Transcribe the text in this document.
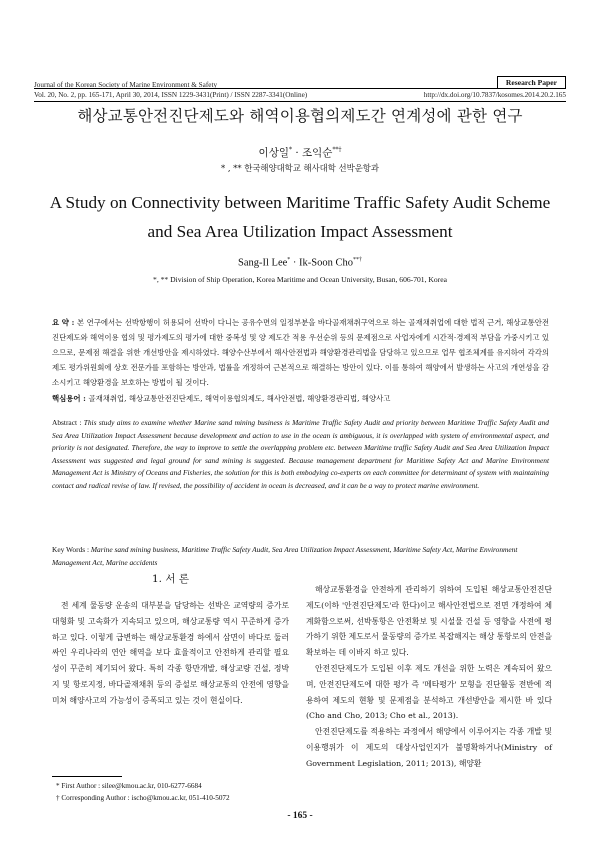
Journal of the Korean Society of Marine Environment & Safety	Research Paper
Vol. 20, No. 2, pp. 165-171, April 30, 2014, ISSN 1229-3431(Print) / ISSN 2287-3341(Online)	http://dx.doi.org/10.7837/kosomes.2014.20.2.165
해상교통안전진단제도와 해역이용협의제도간 연계성에 관한 연구
이상일* · 조익순**†
* , ** 한국해양대학교 해사대학 선박운항과
A Study on Connectivity between Maritime Traffic Safety Audit Scheme and Sea Area Utilization Impact Assessment
Sang-Il Lee* · Ik-Soon Cho**†
*, ** Division of Ship Operation, Korea Maritime and Ocean University, Busan, 606-701, Korea
요 약 : 본 연구에서는 선박항행이 허용되어 선박이 다니는 공유수면의 일정부분을 바다골재채취구역으로 하는 골재채취업에 대한 법적 근거, 해상교통안전진단제도와 해역이용 협의 및 평가제도의 평가에 대한 중복성 및 양 제도간 적용 우선순위 등의 문제점으로 사업자에게 시간적·경제적 부담을 가중시키고 있으므로, 문제점 해결을 위한 개선방안을 제시하였다. 해양수산부에서 해사안전법과 해양환경관리법을 담당하고 있으므로 업무 협조체계를 유지하여 각각의 제도 평가위원회에 상호 전문가를 포함하는 방안과, 법률을 개정하여 근본적으로 해결하는 방안이 있다. 이를 통하여 해양에서 발생하는 사고의 개연성을 감소시키고 해양환경을 보호하는 방법이 될 것이다.
핵심용어 : 골재채취업, 해상교통안전진단제도, 해역이용협의제도, 해사안전법, 해양환경관리법, 해양사고
Abstract : This study aims to examine whether Marine sand mining business is Maritime Traffic Safety Audit and priority between Maritime Traffic Safety Audit and Sea Area Utilization Impact Assessment because development and action to use in the ocean is ambiguous, it is overlapped with system of environmental aspect, and priority is not designated. Therefore, the way to improve to settle the overlapping problem etc. between Maritime traffic Safety Audit and Sea Area Utilization Impact Assessment was suggested and legal ground for sand mining is suggested. Because management department for Maritime Safety Act and Marine Environment Management Act is Ministry of Oceans and Fisheries, the solution for this is both embodying co-experts on each committee for determinant of system with maintaining contact and radical revise of law. If revised, the possibility of accident in ocean is decreased, and it can be a way to protect marine environment.
Key Words : Marine sand mining business, Maritime Traffic Safety Audit, Sea Area Utilization Impact Assessment, Maritime Safety Act, Marine Environment Management Act, Marine accidents
1. 서 론

전 세계 물동량 운송의 대부분을 담당하는 선박은 교역량의 증가로 대형화 및 고속화가 지속되고 있으며, 해상교통량 역시 꾸준하게 증가하고 있다. 이렇게 급변하는 해상교통환경 하에서 삼면이 바다로 둘러싸인 우리나라의 연안 해역을 보다 효율적이고 안전하게 관리할 필요성이 꾸준히 제기되어 왔다. 특히 각종 항만개발, 해상교량 건설, 정박지 및 항로지정, 바다골재채취 등의 증설로 해상교통의 안전에 영향을 미쳐 해양사고의 가능성이 증폭되고 있는 것이 현실이다.

해상교통환경을 안전하게 관리하기 위하여 도입된 해상교통안전진단제도(이하 '안전진단제도'라 한다)이고 해사안전법으로 전면 개정하여 체계화함으로써, 선박통항은 안전확보 및 시설물 건설 등 영향을 사전에 평가하기 위한 제도로서 물동량의 증가로 복잡해지는 해상 통항로의 안전을 확보하는 데 이바지 하고 있다.

안전진단제도가 도입된 이후 제도 개선을 위한 노력은 계속되어 왔으며, 안전진단제도에 대한 평가 즉 '메타평가' 모형을 진단활동 전반에 적용하여 제도의 현황 및 문제점을 분석하고 개선방안을 제시한 바 있다(Cho and Cho, 2013; Cho et al., 2013).

안전진단제도를 적용하는 과정에서 해양에서 이루어지는 각종 개발 및 이용행위가 이 제도의 대상사업인지가 불명확하거나(Ministry of Government Legislation, 2011; 2013), 해양환

* First Author : silee@kmou.ac.kr, 010-6277-6684
† Corresponding Author : ischo@kmou.ac.kr, 051-410-5072
- 165 -
